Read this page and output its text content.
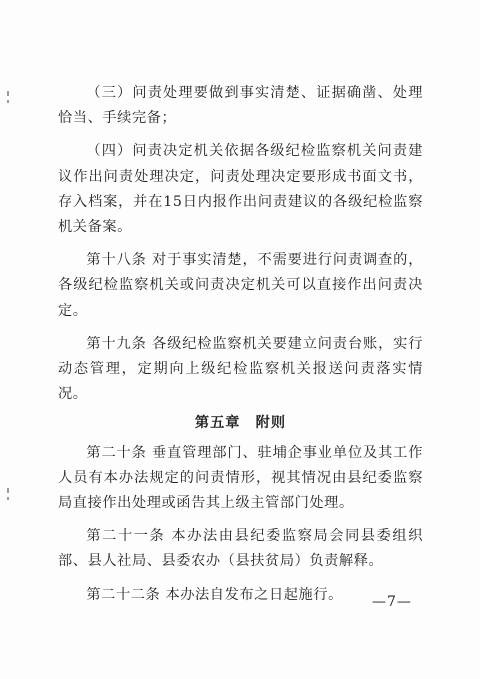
（三）问责处理要做到事实清楚、证据确凿、处理恰当、手续完备；

（四）问责决定机关依据各级纪检监察机关问责建议作出问责处理决定，问责处理决定要形成书面文书，存入档案，并在15日内报作出问责建议的各级纪检监察机关备案。

第十八条 对于事实清楚，不需要进行问责调查的，各级纪检监察机关或问责决定机关可以直接作出问责决定。

第十九条 各级纪检监察机关要建立问责台账，实行动态管理，定期向上级纪检监察机关报送问责落实情况。

第五章　附则

第二十条 垂直管理部门、驻埔企事业单位及其工作人员有本办法规定的问责情形，视其情况由县纪委监察局直接作出处理或函告其上级主管部门处理。

第二十一条 本办法由县纪委监察局会同县委组织部、县人社局、县委农办（县扶贫局）负责解释。

第二十二条 本办法自发布之日起施行。	—7—
